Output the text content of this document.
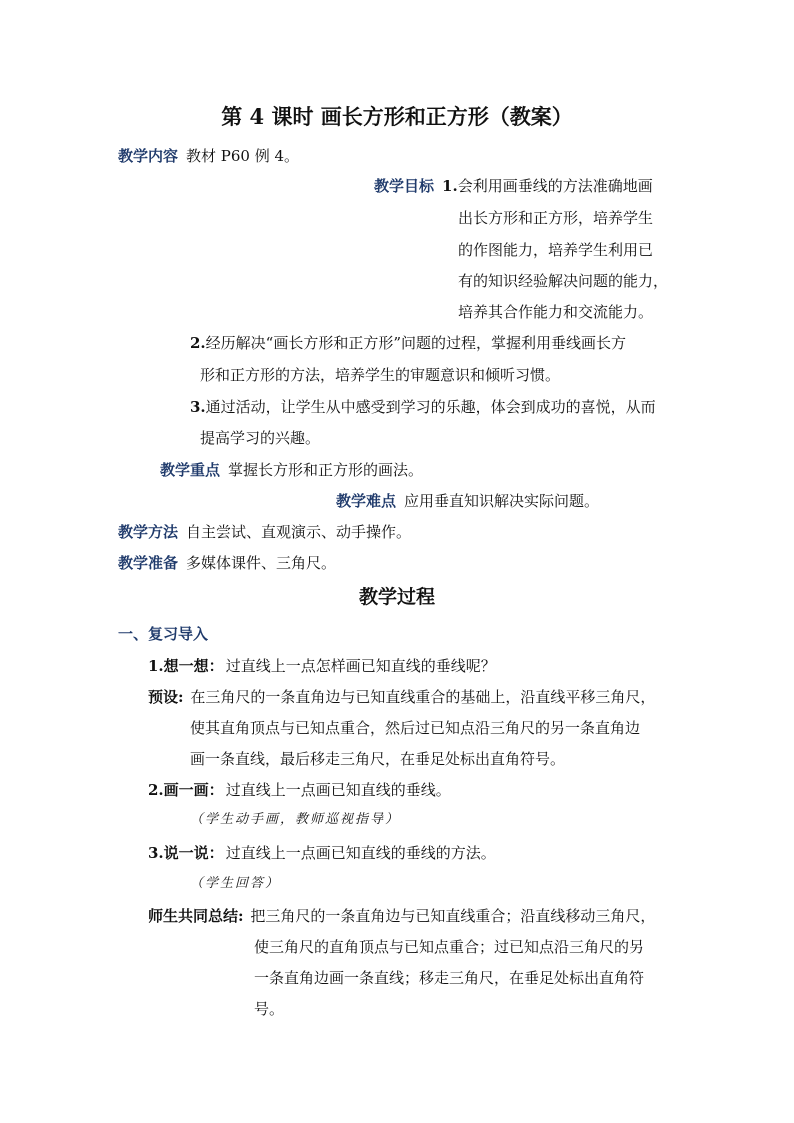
第 4 课时 画长方形和正方形（教案）
教学内容 教材 P60 例 4。
教学目标 1.会利用画垂线的方法准确地画
出长方形和正方形，培养学生
的作图能力，培养学生利用已
有的知识经验解决问题的能力，
培养其合作能力和交流能力。
2.经历解决“画长方形和正方形”问题的过程，掌握利用垂线画长方
形和正方形的方法，培养学生的审题意识和倾听习惯。
3.通过活动，让学生从中感受到学习的乐趣，体会到成功的喜悦，从而
提高学习的兴趣。
教学重点 掌握长方形和正方形的画法。
教学难点 应用垂直知识解决实际问题。
教学方法 自主尝试、直观演示、动手操作。
教学准备 多媒体课件、三角尺。
教学过程
一、复习导入
1.想一想： 过直线上一点怎样画已知直线的垂线呢？
预设: 在三角尺的一条直角边与已知直线重合的基础上，沿直线平移三角尺，
使其直角顶点与已知点重合，然后过已知点沿三角尺的另一条直角边
画一条直线，最后移走三角尺，在垂足处标出直角符号。
2.画一画： 过直线上一点画已知直线的垂线。
（学生动手画，教师巡视指导）
3.说一说： 过直线上一点画已知直线的垂线的方法。
（学生回答）
师生共同总结: 把三角尺的一条直角边与已知直线重合；沿直线移动三角尺，
使三角尺的直角顶点与已知点重合；过已知点沿三角尺的另
一条直角边画一条直线；移走三角尺，在垂足处标出直角符
号。
